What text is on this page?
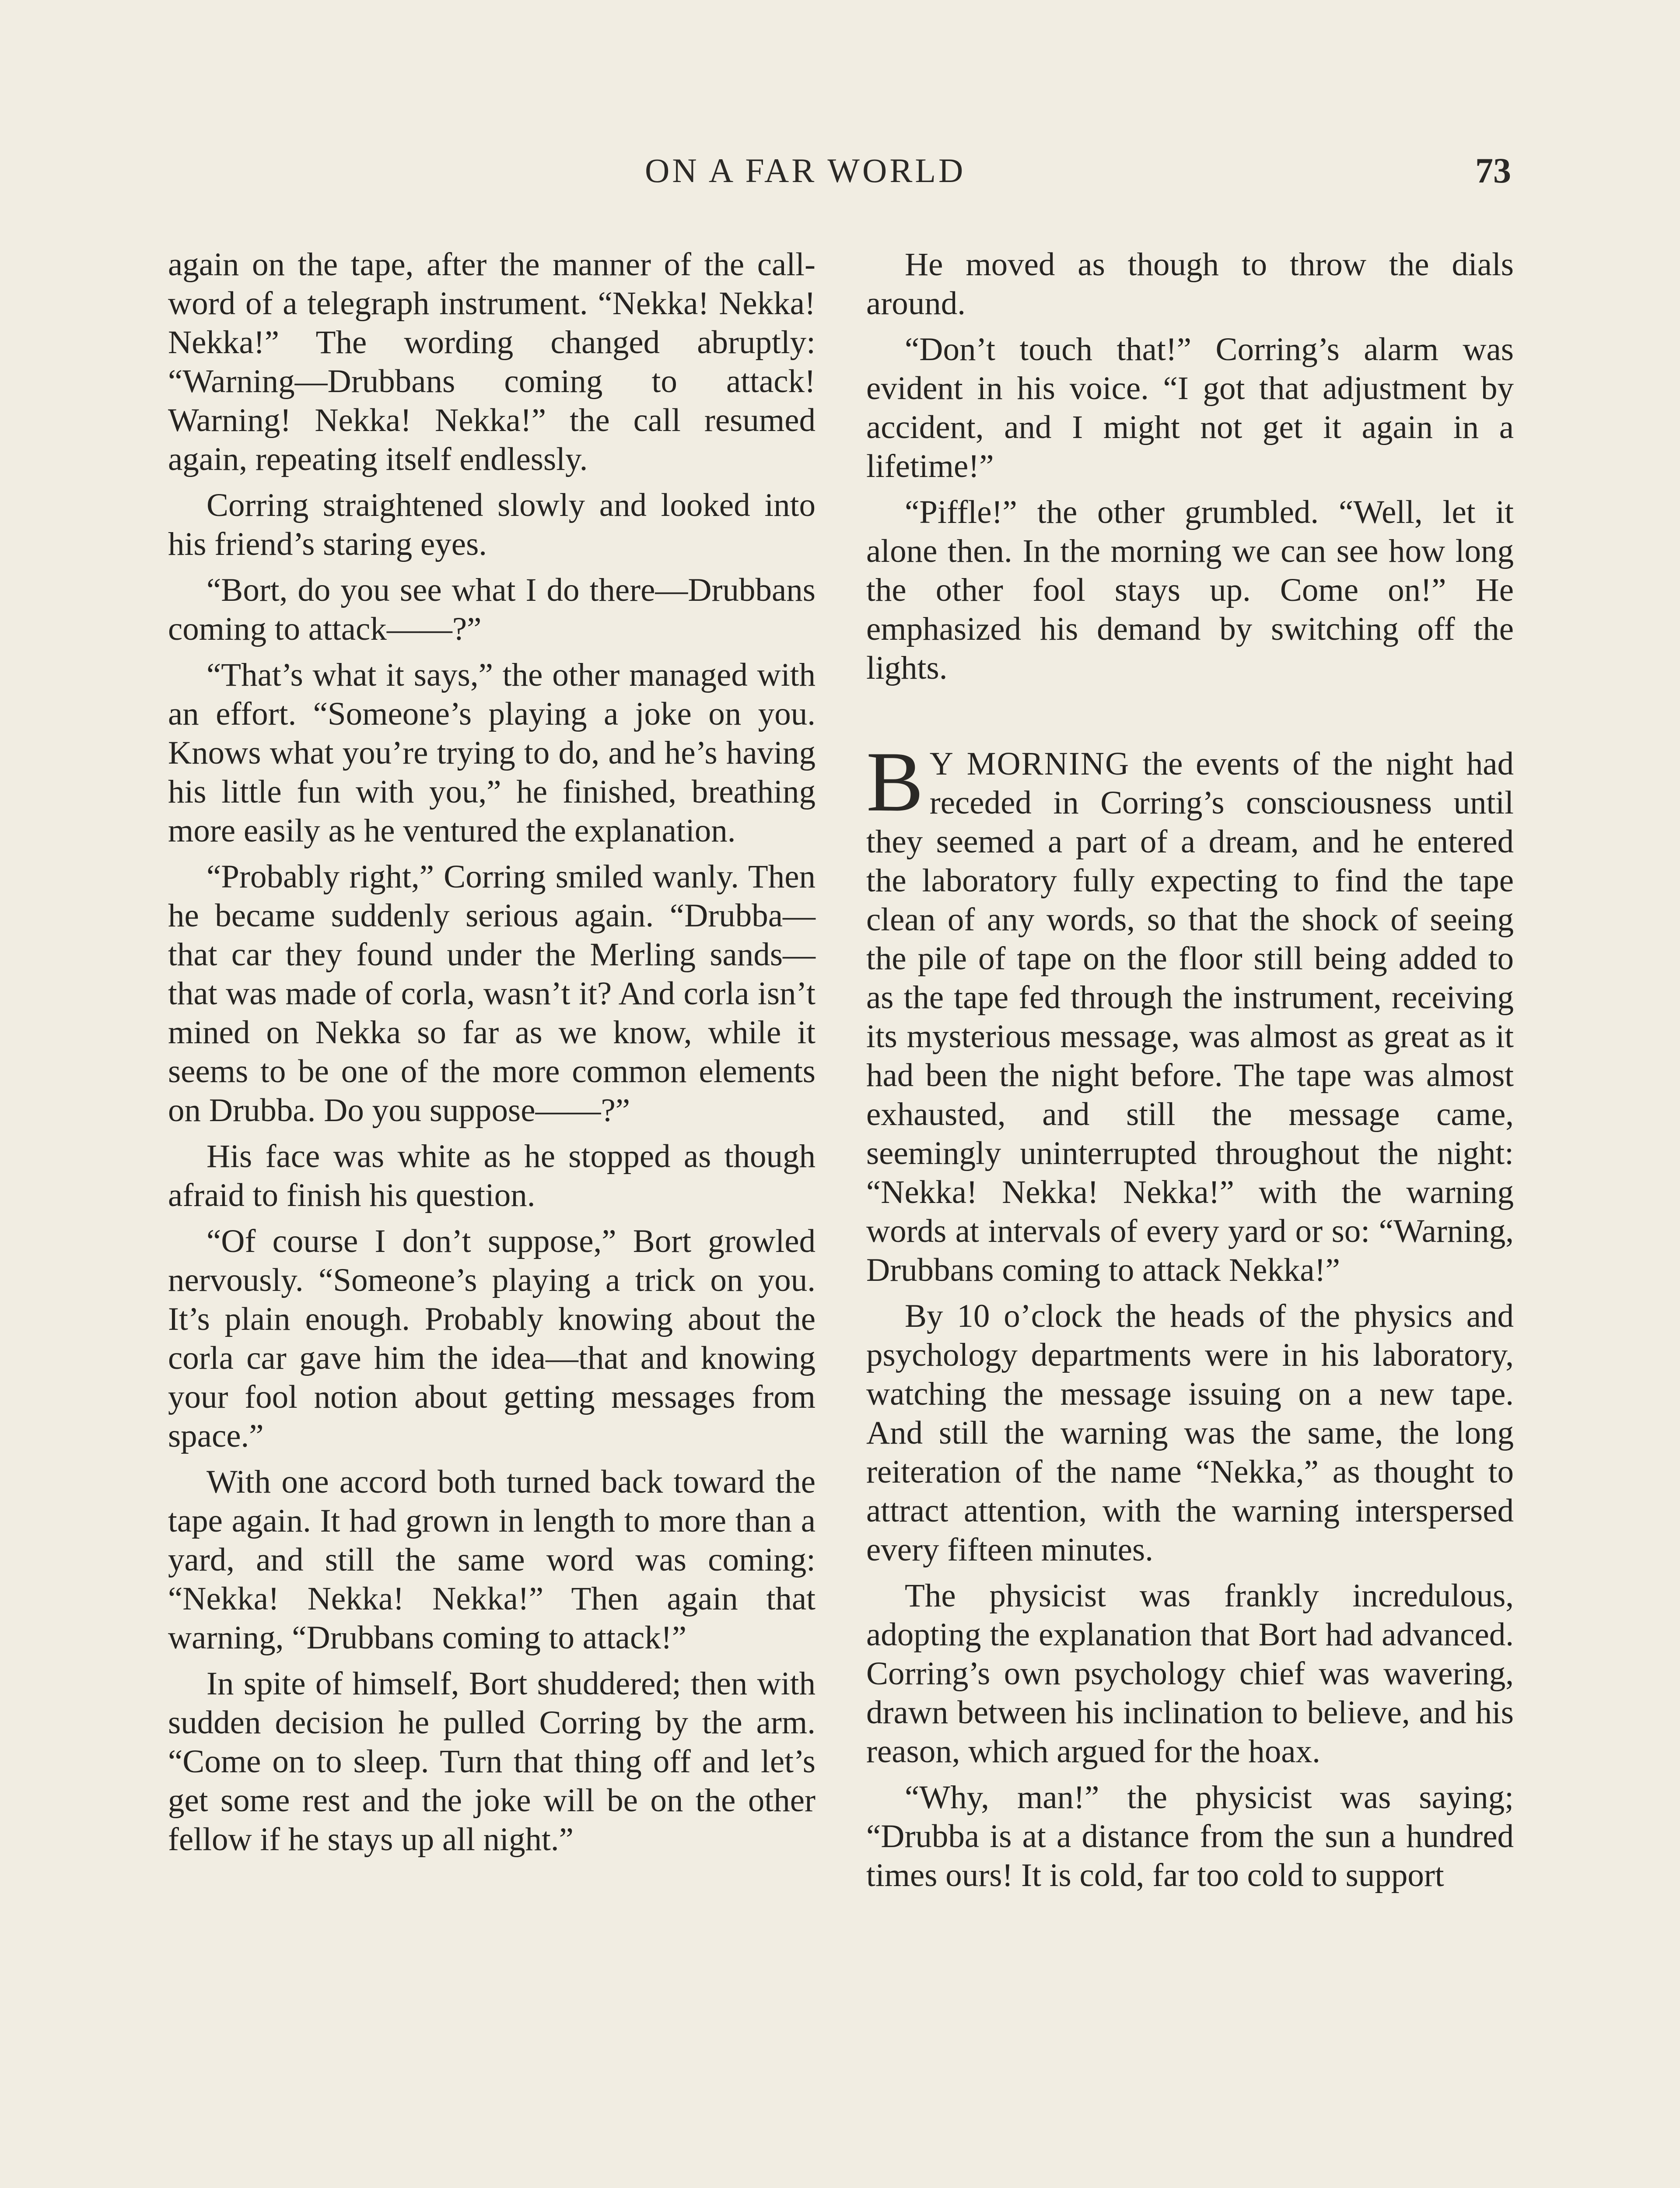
ON A FAR WORLD	73

again on the tape, after the manner of the call-word of a telegraph instrument. “Nekka! Nekka! Nekka!” The wording changed abruptly: “Warning—Drubbans coming to attack! Warning! Nekka! Nekka!” the call resumed again, repeating itself endlessly.

Corring straightened slowly and looked into his friend’s staring eyes.

“Bort, do you see what I do there—Drubbans coming to attack——?”

“That’s what it says,” the other managed with an effort. “Someone’s playing a joke on you. Knows what you’re trying to do, and he’s having his little fun with you,” he finished, breathing more easily as he ventured the explanation.

“Probably right,” Corring smiled wanly. Then he became suddenly serious again. “Drubba—that car they found under the Merling sands—that was made of corla, wasn’t it? And corla isn’t mined on Nekka so far as we know, while it seems to be one of the more common elements on Drubba. Do you suppose——?”

His face was white as he stopped as though afraid to finish his question.

“Of course I don’t suppose,” Bort growled nervously. “Someone’s playing a trick on you. It’s plain enough. Probably knowing about the corla car gave him the idea—that and knowing your fool notion about getting messages from space.”

With one accord both turned back toward the tape again. It had grown in length to more than a yard, and still the same word was coming: “Nekka! Nekka! Nekka!” Then again that warning, “Drubbans coming to attack!”

In spite of himself, Bort shuddered; then with sudden decision he pulled Corring by the arm. “Come on to sleep. Turn that thing off and let’s get some rest and the joke will be on the other fellow if he stays up all night.”

He moved as though to throw the dials around.

“Don’t touch that!” Corring’s alarm was evident in his voice. “I got that adjustment by accident, and I might not get it again in a lifetime!”

“Piffle!” the other grumbled. “Well, let it alone then. In the morning we can see how long the other fool stays up. Come on!” He emphasized his demand by switching off the lights.

B Y MORNING the events of the night had receded in Corring’s consciousness until they seemed a part of a dream, and he entered the laboratory fully expecting to find the tape clean of any words, so that the shock of seeing the pile of tape on the floor still being added to as the tape fed through the instrument, receiving its mysterious message, was almost as great as it had been the night before. The tape was almost exhausted, and still the message came, seemingly uninterrupted throughout the night: “Nekka! Nekka! Nekka!” with the warning words at intervals of every yard or so: “Warning, Drubbans coming to attack Nekka!”

By 10 o’clock the heads of the physics and psychology departments were in his laboratory, watching the message issuing on a new tape. And still the warning was the same, the long reiteration of the name “Nekka,” as thought to attract attention, with the warning interspersed every fifteen minutes.

The physicist was frankly incredulous, adopting the explanation that Bort had advanced. Corring’s own psychology chief was wavering, drawn between his inclination to believe, and his reason, which argued for the hoax.

“Why, man!” the physicist was saying; “Drubba is at a distance from the sun a hundred times ours! It is cold, far too cold to support
